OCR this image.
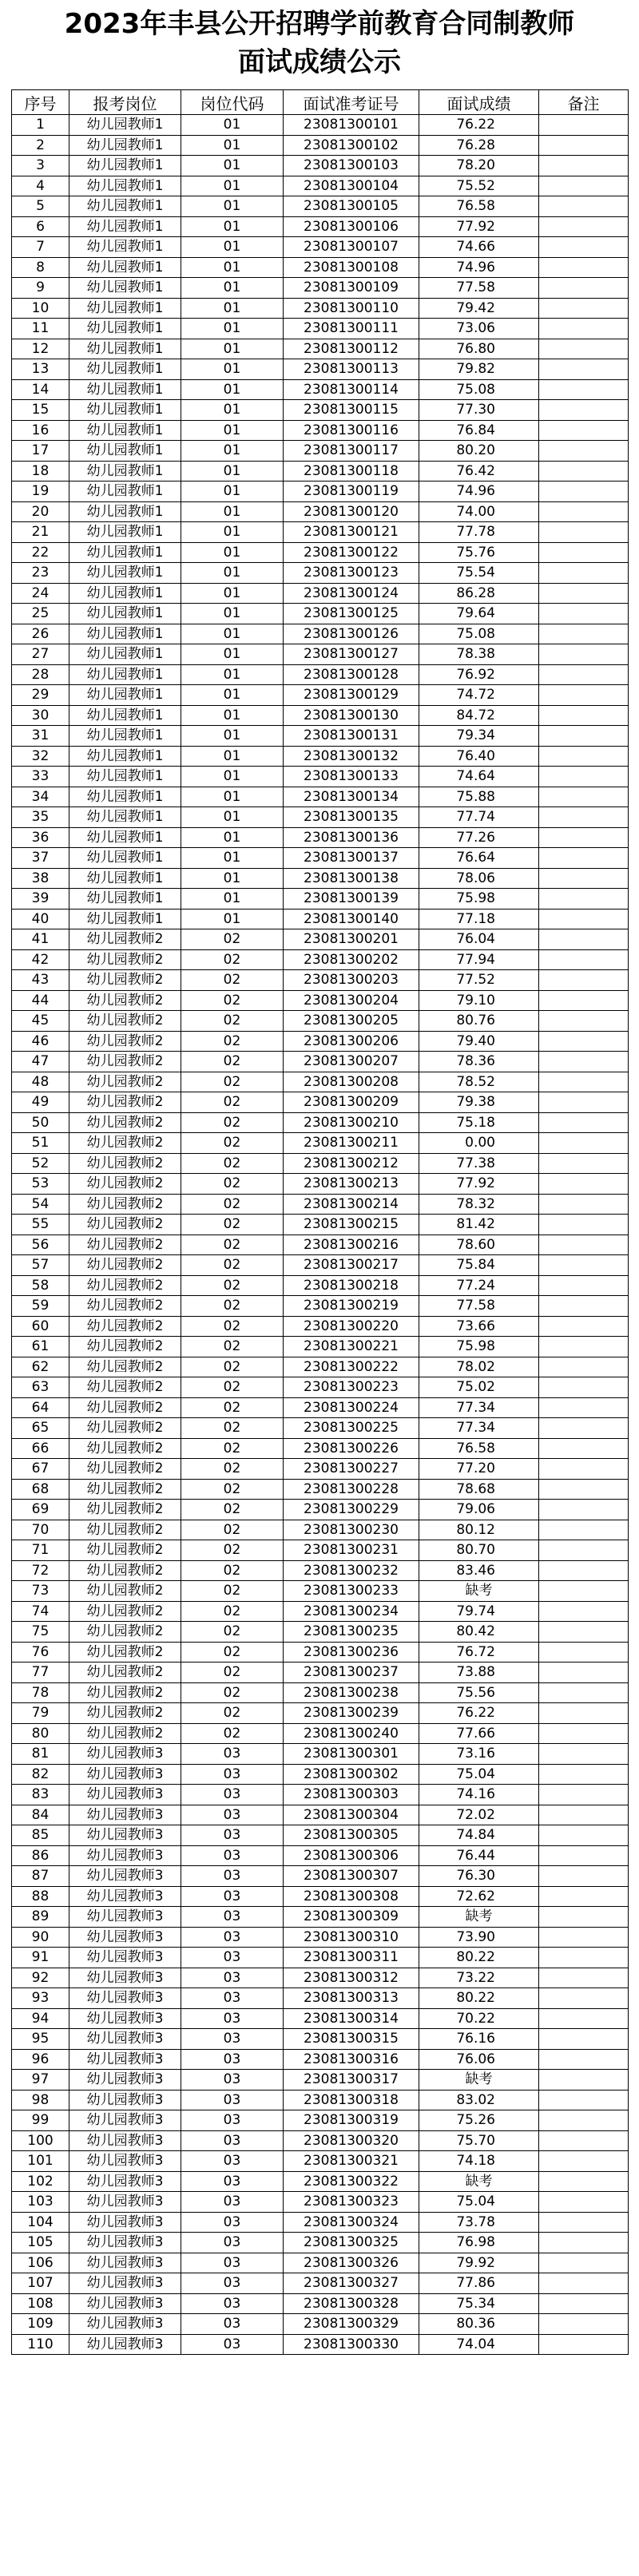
2023年丰县公开招聘学前教育合同制教师
面试成绩公示
序号	报考岗位	岗位代码	面试准考证号	面试成绩	备注
1	幼儿园教师1	01	23081300101	76.22	
2	幼儿园教师1	01	23081300102	76.28	
3	幼儿园教师1	01	23081300103	78.20	
4	幼儿园教师1	01	23081300104	75.52	
5	幼儿园教师1	01	23081300105	76.58	
6	幼儿园教师1	01	23081300106	77.92	
7	幼儿园教师1	01	23081300107	74.66	
8	幼儿园教师1	01	23081300108	74.96	
9	幼儿园教师1	01	23081300109	77.58	
10	幼儿园教师1	01	23081300110	79.42	
11	幼儿园教师1	01	23081300111	73.06	
12	幼儿园教师1	01	23081300112	76.80	
13	幼儿园教师1	01	23081300113	79.82	
14	幼儿园教师1	01	23081300114	75.08	
15	幼儿园教师1	01	23081300115	77.30	
16	幼儿园教师1	01	23081300116	76.84	
17	幼儿园教师1	01	23081300117	80.20	
18	幼儿园教师1	01	23081300118	76.42	
19	幼儿园教师1	01	23081300119	74.96	
20	幼儿园教师1	01	23081300120	74.00	
21	幼儿园教师1	01	23081300121	77.78	
22	幼儿园教师1	01	23081300122	75.76	
23	幼儿园教师1	01	23081300123	75.54	
24	幼儿园教师1	01	23081300124	86.28	
25	幼儿园教师1	01	23081300125	79.64	
26	幼儿园教师1	01	23081300126	75.08	
27	幼儿园教师1	01	23081300127	78.38	
28	幼儿园教师1	01	23081300128	76.92	
29	幼儿园教师1	01	23081300129	74.72	
30	幼儿园教师1	01	23081300130	84.72	
31	幼儿园教师1	01	23081300131	79.34	
32	幼儿园教师1	01	23081300132	76.40	
33	幼儿园教师1	01	23081300133	74.64	
34	幼儿园教师1	01	23081300134	75.88	
35	幼儿园教师1	01	23081300135	77.74	
36	幼儿园教师1	01	23081300136	77.26	
37	幼儿园教师1	01	23081300137	76.64	
38	幼儿园教师1	01	23081300138	78.06	
39	幼儿园教师1	01	23081300139	75.98	
40	幼儿园教师1	01	23081300140	77.18	
41	幼儿园教师2	02	23081300201	76.04	
42	幼儿园教师2	02	23081300202	77.94	
43	幼儿园教师2	02	23081300203	77.52	
44	幼儿园教师2	02	23081300204	79.10	
45	幼儿园教师2	02	23081300205	80.76	
46	幼儿园教师2	02	23081300206	79.40	
47	幼儿园教师2	02	23081300207	78.36	
48	幼儿园教师2	02	23081300208	78.52	
49	幼儿园教师2	02	23081300209	79.38	
50	幼儿园教师2	02	23081300210	75.18	
51	幼儿园教师2	02	23081300211	0.00	
52	幼儿园教师2	02	23081300212	77.38	
53	幼儿园教师2	02	23081300213	77.92	
54	幼儿园教师2	02	23081300214	78.32	
55	幼儿园教师2	02	23081300215	81.42	
56	幼儿园教师2	02	23081300216	78.60	
57	幼儿园教师2	02	23081300217	75.84	
58	幼儿园教师2	02	23081300218	77.24	
59	幼儿园教师2	02	23081300219	77.58	
60	幼儿园教师2	02	23081300220	73.66	
61	幼儿园教师2	02	23081300221	75.98	
62	幼儿园教师2	02	23081300222	78.02	
63	幼儿园教师2	02	23081300223	75.02	
64	幼儿园教师2	02	23081300224	77.34	
65	幼儿园教师2	02	23081300225	77.34	
66	幼儿园教师2	02	23081300226	76.58	
67	幼儿园教师2	02	23081300227	77.20	
68	幼儿园教师2	02	23081300228	78.68	
69	幼儿园教师2	02	23081300229	79.06	
70	幼儿园教师2	02	23081300230	80.12	
71	幼儿园教师2	02	23081300231	80.70	
72	幼儿园教师2	02	23081300232	83.46	
73	幼儿园教师2	02	23081300233	缺考	
74	幼儿园教师2	02	23081300234	79.74	
75	幼儿园教师2	02	23081300235	80.42	
76	幼儿园教师2	02	23081300236	76.72	
77	幼儿园教师2	02	23081300237	73.88	
78	幼儿园教师2	02	23081300238	75.56	
79	幼儿园教师2	02	23081300239	76.22	
80	幼儿园教师2	02	23081300240	77.66	
81	幼儿园教师3	03	23081300301	73.16	
82	幼儿园教师3	03	23081300302	75.04	
83	幼儿园教师3	03	23081300303	74.16	
84	幼儿园教师3	03	23081300304	72.02	
85	幼儿园教师3	03	23081300305	74.84	
86	幼儿园教师3	03	23081300306	76.44	
87	幼儿园教师3	03	23081300307	76.30	
88	幼儿园教师3	03	23081300308	72.62	
89	幼儿园教师3	03	23081300309	缺考	
90	幼儿园教师3	03	23081300310	73.90	
91	幼儿园教师3	03	23081300311	80.22	
92	幼儿园教师3	03	23081300312	73.22	
93	幼儿园教师3	03	23081300313	80.22	
94	幼儿园教师3	03	23081300314	70.22	
95	幼儿园教师3	03	23081300315	76.16	
96	幼儿园教师3	03	23081300316	76.06	
97	幼儿园教师3	03	23081300317	缺考	
98	幼儿园教师3	03	23081300318	83.02	
99	幼儿园教师3	03	23081300319	75.26	
100	幼儿园教师3	03	23081300320	75.70	
101	幼儿园教师3	03	23081300321	74.18	
102	幼儿园教师3	03	23081300322	缺考	
103	幼儿园教师3	03	23081300323	75.04	
104	幼儿园教师3	03	23081300324	73.78	
105	幼儿园教师3	03	23081300325	76.98	
106	幼儿园教师3	03	23081300326	79.92	
107	幼儿园教师3	03	23081300327	77.86	
108	幼儿园教师3	03	23081300328	75.34	
109	幼儿园教师3	03	23081300329	80.36	
110	幼儿园教师3	03	23081300330	74.04	
